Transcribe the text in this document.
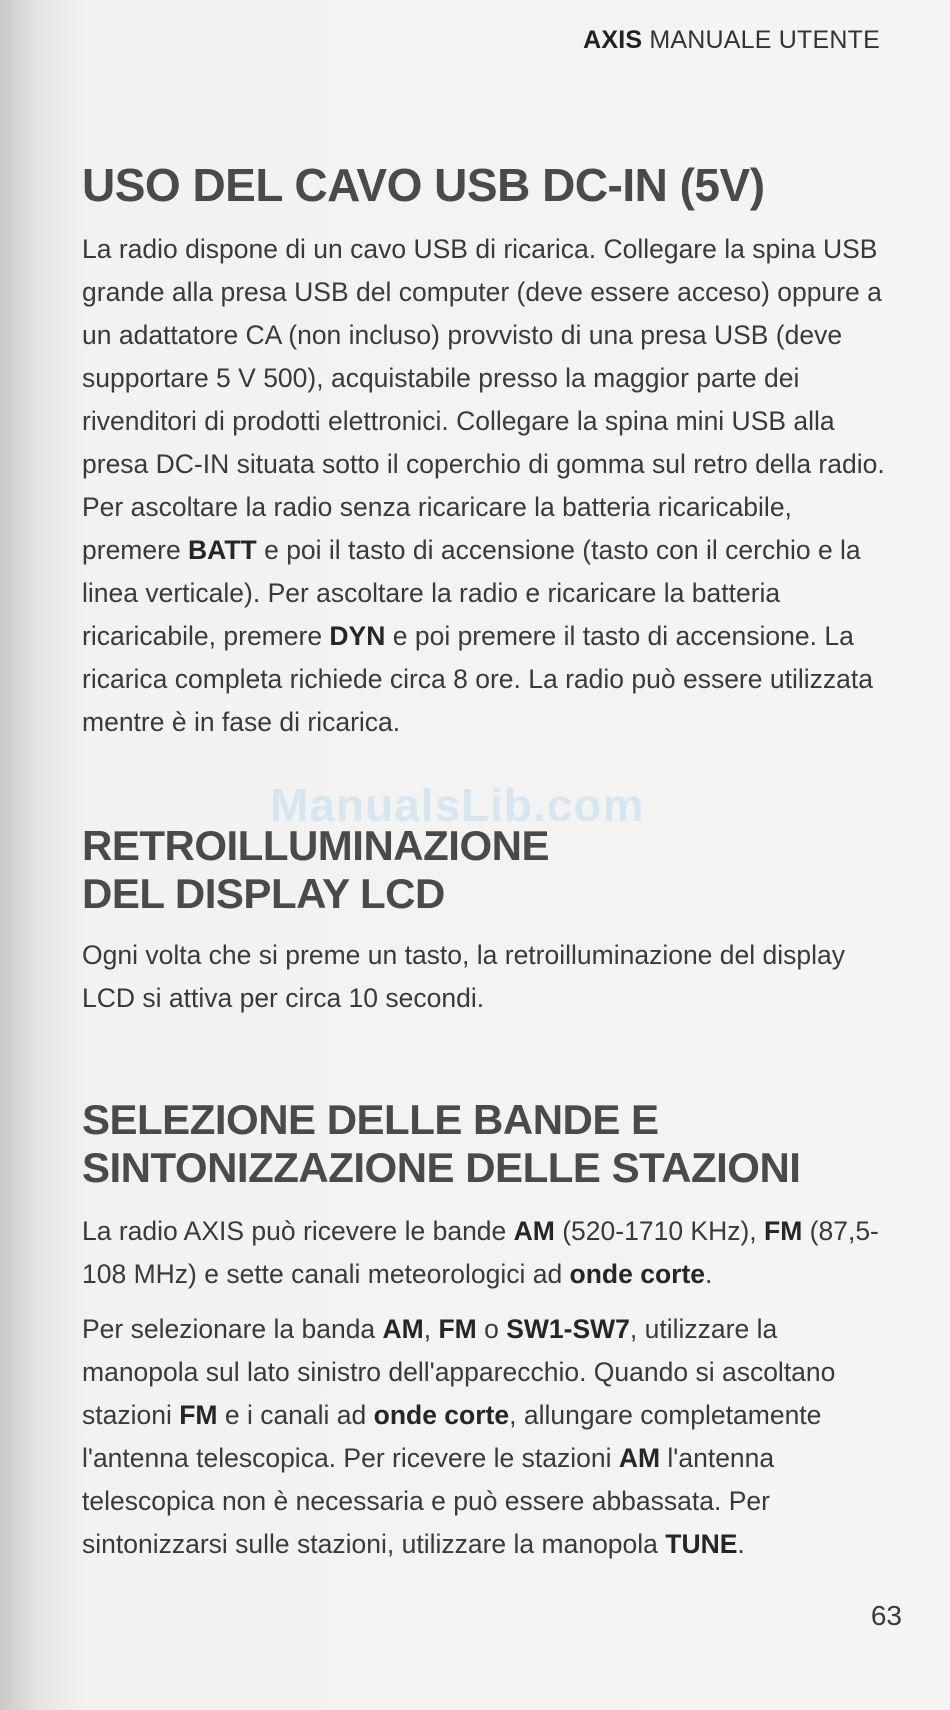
AXIS MANUALE UTENTE
USO DEL CAVO USB DC-IN (5V)

La radio dispone di un cavo USB di ricarica. Collegare la spina USB grande alla presa USB del computer (deve essere acceso) oppure a un adattatore CA (non incluso) provvisto di una presa USB (deve supportare 5 V 500), acquistabile presso la maggior parte dei rivenditori di prodotti elettronici. Collegare la spina mini USB alla presa DC-IN situata sotto il coperchio di gomma sul retro della radio. Per ascoltare la radio senza ricaricare la batteria ricaricabile, premere BATT e poi il tasto di accensione (tasto con il cerchio e la linea verticale). Per ascoltare la radio e ricaricare la batteria ricaricabile, premere DYN e poi premere il tasto di accensione. La ricarica completa richiede circa 8 ore. La radio può essere utilizzata mentre è in fase di ricarica.

ManualsLib.com
RETROILLUMINAZIONE
DEL DISPLAY LCD

Ogni volta che si preme un tasto, la retroilluminazione del display LCD si attiva per circa 10 secondi.

SELEZIONE DELLE BANDE E
SINTONIZZAZIONE DELLE STAZIONI

La radio AXIS può ricevere le bande AM (520-1710 KHz), FM (87,5-108 MHz) e sette canali meteorologici ad onde corte.

Per selezionare la banda AM, FM o SW1-SW7, utilizzare la manopola sul lato sinistro dell'apparecchio. Quando si ascoltano stazioni FM e i canali ad onde corte, allungare completamente l'antenna telescopica. Per ricevere le stazioni AM l'antenna telescopica non è necessaria e può essere abbassata. Per sintonizzarsi sulle stazioni, utilizzare la manopola TUNE.

63
